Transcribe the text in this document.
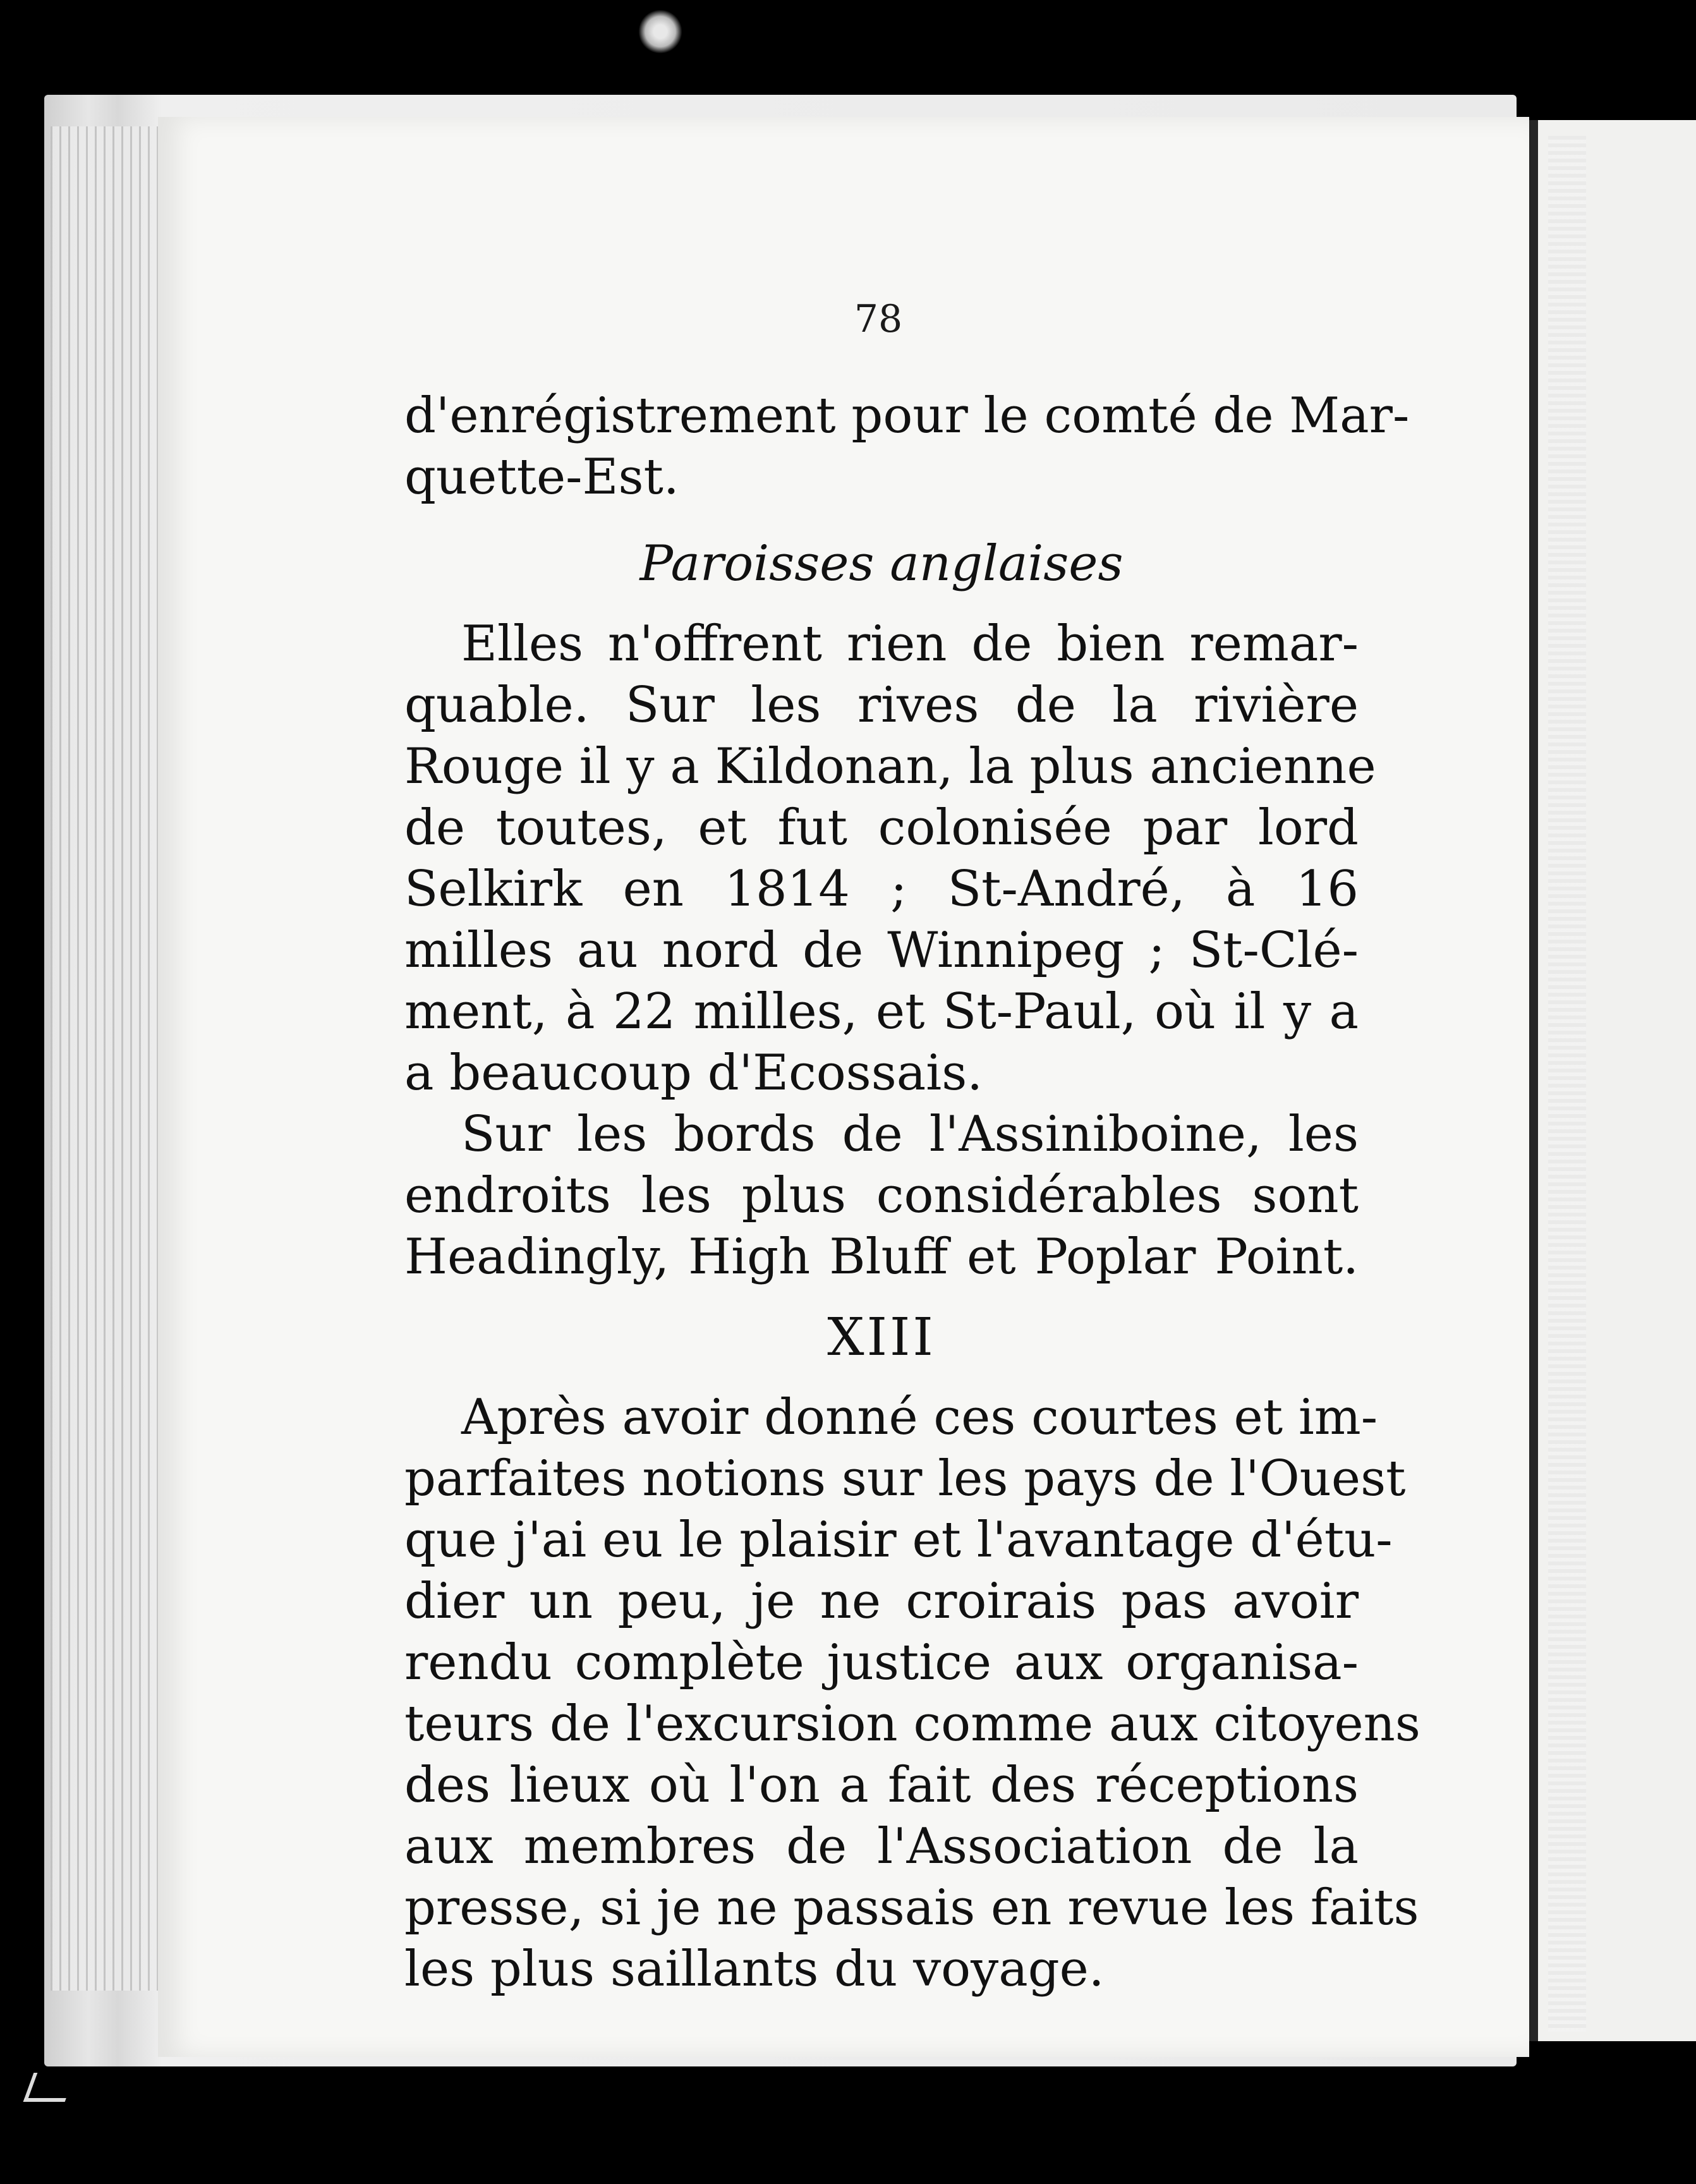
78

d'enrégistrement pour le comté de Mar-
quette-Est.

Paroisses anglaises

Elles n'offrent rien de bien remar-
quable. Sur les rives de la rivière
Rouge il y a Kildonan, la plus ancienne
de toutes, et fut colonisée par lord
Selkirk en 1814 ; St-André, à 16
milles au nord de Winnipeg ; St-Clé-
ment, à 22 milles, et St-Paul, où il y a
a beaucoup d'Ecossais.

Sur les bords de l'Assiniboine, les
endroits les plus considérables sont
Headingly, High Bluff et Poplar Point.

XIII

Après avoir donné ces courtes et im-
parfaites notions sur les pays de l'Ouest
que j'ai eu le plaisir et l'avantage d'étu-
dier un peu, je ne croirais pas avoir
rendu complète justice aux organisa-
teurs de l'excursion comme aux citoyens
des lieux où l'on a fait des réceptions
aux membres de l'Association de la
presse, si je ne passais en revue les faits
les plus saillants du voyage.
